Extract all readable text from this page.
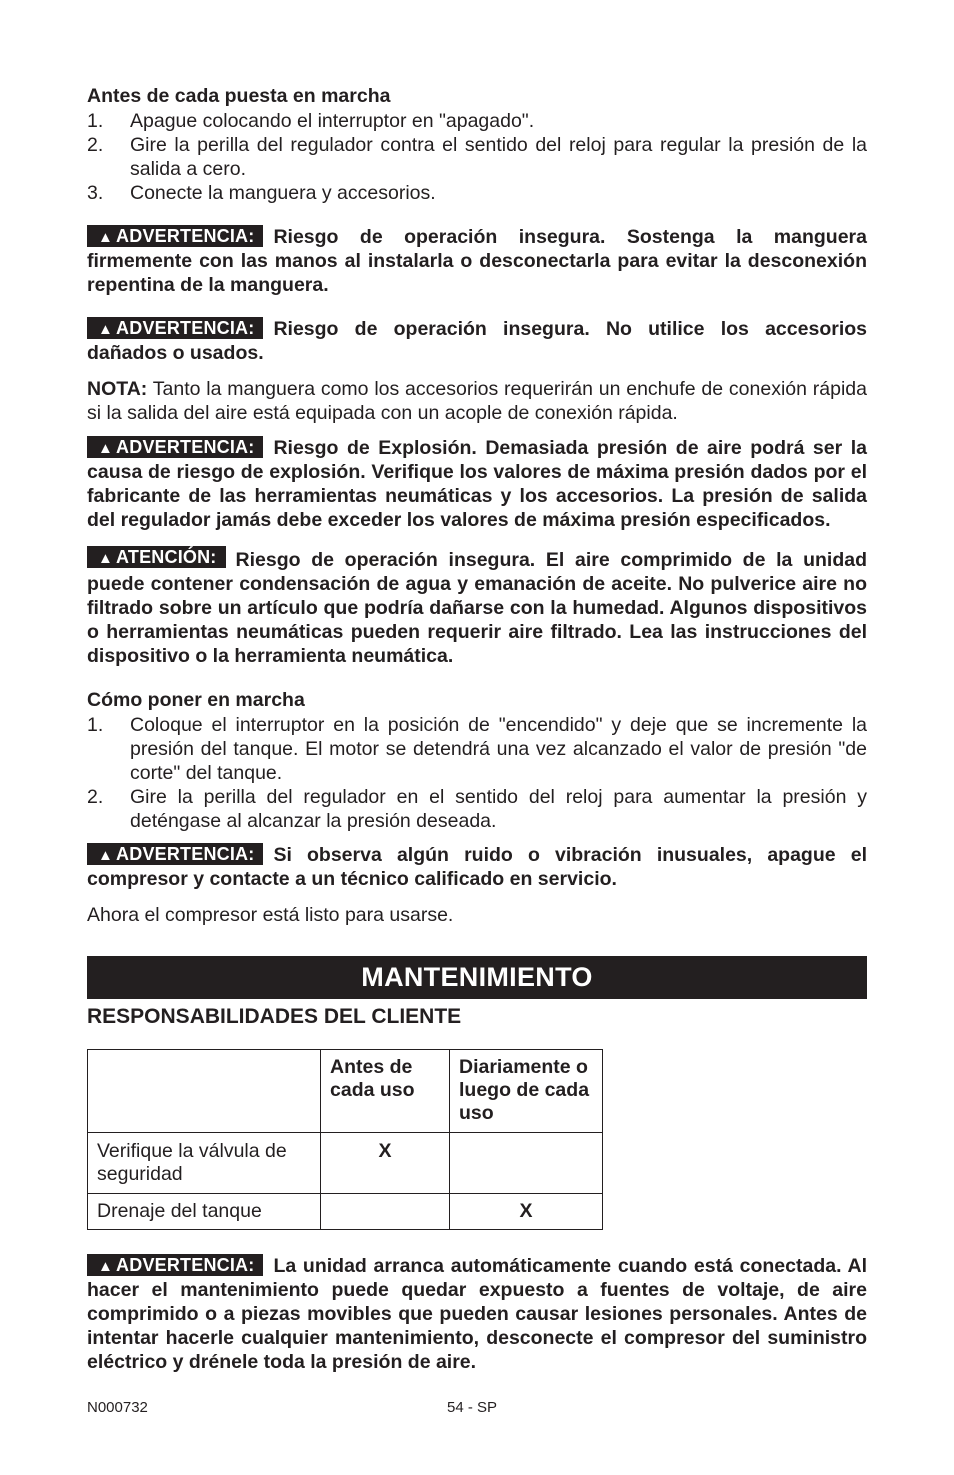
Antes de cada puesta en marcha

1. Apague colocando el interruptor en "apagado".
2. Gire la perilla del regulador contra el sentido del reloj para regular la presión de la salida a cero.
3. Conecte la manguera y accesorios.

▲ ADVERTENCIA: Riesgo de operación insegura. Sostenga la manguera firmemente con las manos al instalarla o desconectarla para evitar la desconexión repentina de la manguera.

▲ ADVERTENCIA: Riesgo de operación insegura. No utilice los accesorios dañados o usados.

NOTA: Tanto la manguera como los accesorios requerirán un enchufe de conexión rápida si la salida del aire está equipada con un acople de conexión rápida.

▲ ADVERTENCIA: Riesgo de Explosión. Demasiada presión de aire podrá ser la causa de riesgo de explosión. Verifique los valores de máxima presión dados por el fabricante de las herramientas neumáticas y los accesorios. La presión de salida del regulador jamás debe exceder los valores de máxima presión especificados.

▲ ATENCIÓN: Riesgo de operación insegura. El aire comprimido de la unidad puede contener condensación de agua y emanación de aceite. No pulverice aire no filtrado sobre un artículo que podría dañarse con la humedad. Algunos dispositivos o herramientas neumáticas pueden requerir aire filtrado. Lea las instrucciones del dispositivo o la herramienta neumática.

Cómo poner en marcha

1. Coloque el interruptor en la posición de "encendido" y deje que se incremente la presión del tanque. El motor se detendrá una vez alcanzado el valor de presión "de corte" del tanque.
2. Gire la perilla del regulador en el sentido del reloj para aumentar la presión y deténgase al alcanzar la presión deseada.

▲ ADVERTENCIA: Si observa algún ruido o vibración inusuales, apague el compresor y contacte a un técnico calificado en servicio.

Ahora el compresor está listo para usarse.

MANTENIMIENTO

RESPONSABILIDADES DEL CLIENTE

	Antes de cada uso	Diariamente o luego de cada uso
Verifique la válvula de seguridad	X	
Drenaje del tanque		X

▲ ADVERTENCIA: La unidad arranca automáticamente cuando está conectada. Al hacer el mantenimiento puede quedar expuesto a fuentes de voltaje, de aire comprimido o a piezas movibles que pueden causar lesiones personales. Antes de intentar hacerle cualquier mantenimiento, desconecte el compresor del suministro eléctrico y drénele toda la presión de aire.

N000732	54 - SP
